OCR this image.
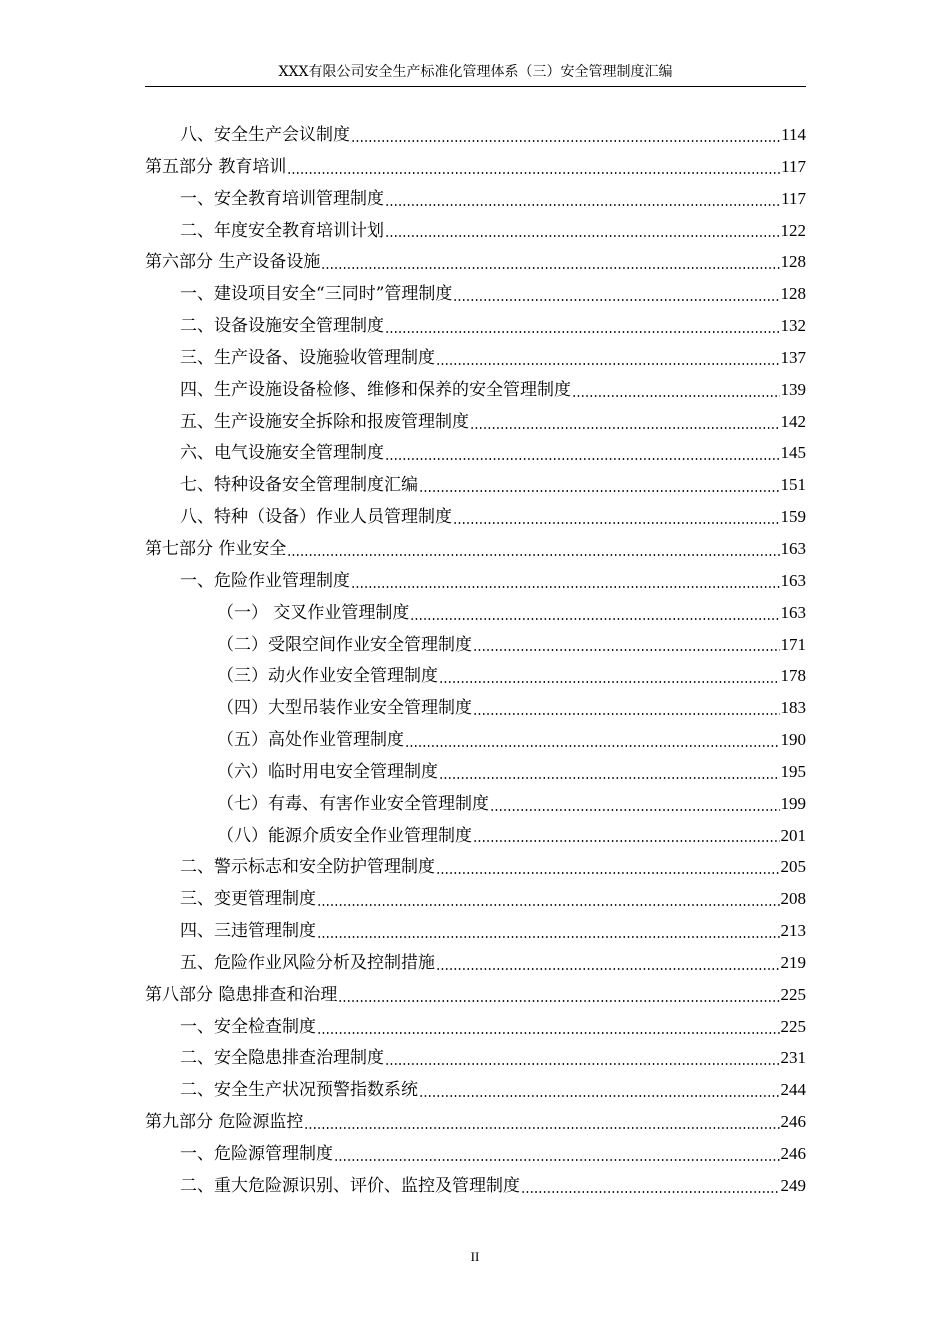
XXX有限公司安全生产标准化管理体系（三）安全管理制度汇编
八、安全生产会议制度	114
第五部分 教育培训	117
一、安全教育培训管理制度	117
二、年度安全教育培训计划	122
第六部分 生产设备设施	128
一、建设项目安全“三同时”管理制度	128
二、设备设施安全管理制度	132
三、生产设备、设施验收管理制度	137
四、生产设施设备检修、维修和保养的安全管理制度	139
五、生产设施安全拆除和报废管理制度	142
六、电气设施安全管理制度	145
七、特种设备安全管理制度汇编	151
八、特种（设备）作业人员管理制度	159
第七部分 作业安全	163
一、危险作业管理制度	163
（一） 交叉作业管理制度	163
（二）受限空间作业安全管理制度	171
（三）动火作业安全管理制度	178
（四）大型吊装作业安全管理制度	183
（五）高处作业管理制度	190
（六）临时用电安全管理制度	195
（七）有毒、有害作业安全管理制度	199
（八）能源介质安全作业管理制度	201
二、警示标志和安全防护管理制度	205
三、变更管理制度	208
四、三违管理制度	213
五、危险作业风险分析及控制措施	219
第八部分 隐患排查和治理	225
一、安全检查制度	225
二、安全隐患排查治理制度	231
二、安全生产状况预警指数系统	244
第九部分 危险源监控	246
一、危险源管理制度	246
二、重大危险源识别、评价、监控及管理制度	249
II
